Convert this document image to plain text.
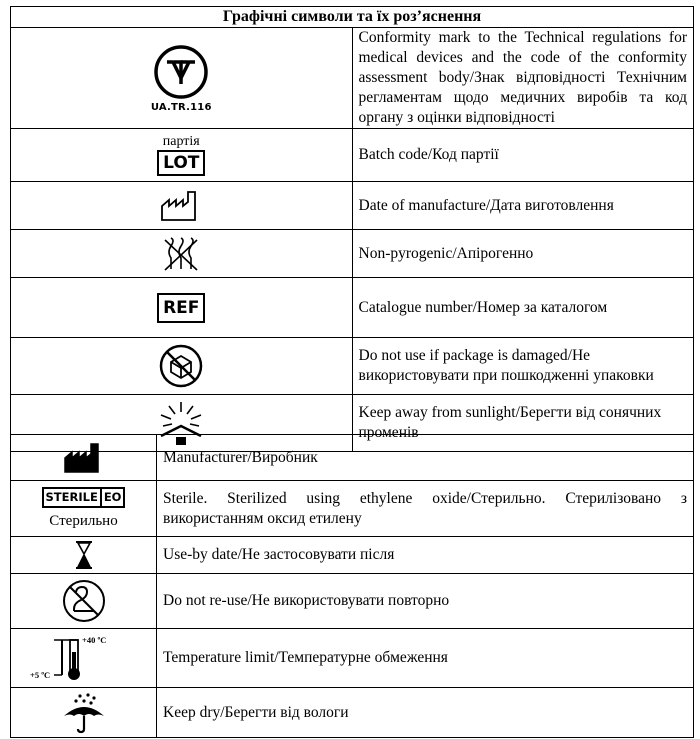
Графічні символи та їх роз’яснення	

UA.TR.116	Conformity mark to the Technical regulations for medical devices and the code of the conformity assessment body/Знак відповідності Технічним регламентам щодо медичних виробів та код органу з оцінки відповідності

партія
LOT	Batch code/Код партії

	Date of manufacture/Дата виготовлення

	Non-pyrogenic/Апірогенно
REF	Catalogue number/Номер за каталогом

	Do not use if package is damaged/Не використовувати при пошкодженні упаковки

	Keep away from sunlight/Берегти від сонячних променів
	Manufacturer/Виробник

STERILE EO
Стерильно	Sterile. Sterilized using ethylene oxide/Стерильно. Стерилізовано з використанням оксид етилену

	Use-by date/Не застосовувати після

	Do not re-use/Не використовувати повторно

+40 ºC
+5 ºC	Temperature limit/Температурне обмеження

	Keep dry/Берегти від вологи
